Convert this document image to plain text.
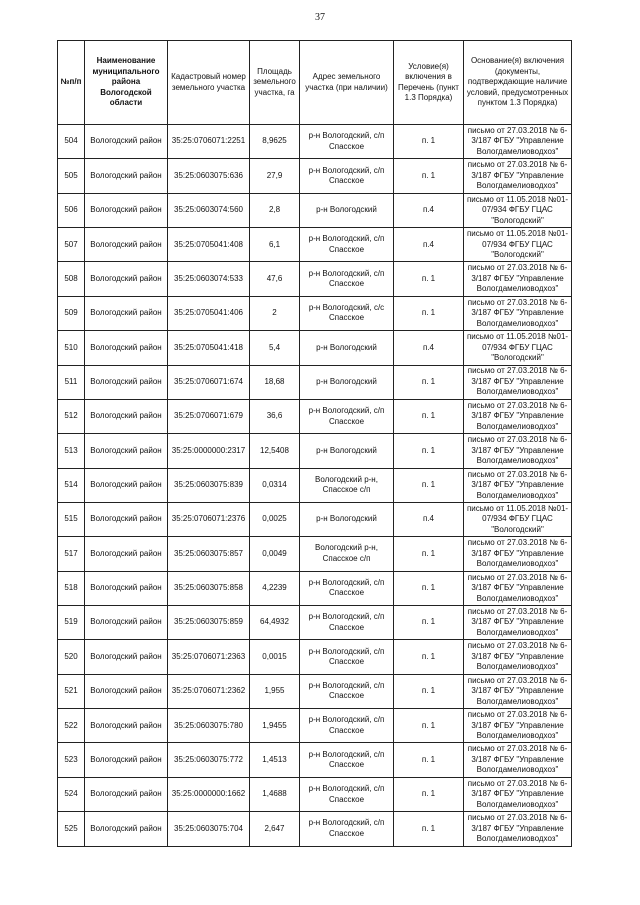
37
№п/п	Наименование муниципального района Вологодской области	Кадастровый номер земельного участка	Площадь земельного участка, га	Адрес земельного участка (при наличии)	Условие(я) включения в Перечень (пункт 1.3 Порядка)	Основание(я) включения (документы, подтверждающие наличие условий, предусмотренных пунктом 1.3 Порядка)
504	Вологодский район	35:25:0706071:2251	8,9625	р-н Вологодский, с/п Спасское	п. 1	письмо от 27.03.2018 № 6-3/187 ФГБУ "Управление Вологдамелиоводхоз"
505	Вологодский район	35:25:0603075:636	27,9	р-н Вологодский, с/п Спасское	п. 1	письмо от 27.03.2018 № 6-3/187 ФГБУ "Управление Вологдамелиоводхоз"
506	Вологодский район	35:25:0603074:560	2,8	р-н Вологодский	п.4	письмо от 11.05.2018 №01-07/934 ФГБУ ГЦАС "Вологодский"
507	Вологодский район	35:25:0705041:408	6,1	р-н Вологодский, с/п Спасское	п.4	письмо от 11.05.2018 №01-07/934 ФГБУ ГЦАС "Вологодский"
508	Вологодский район	35:25:0603074:533	47,6	р-н Вологодский, с/п Спасское	п. 1	письмо от 27.03.2018 № 6-3/187 ФГБУ "Управление Вологдамелиоводхоз"
509	Вологодский район	35:25:0705041:406	2	р-н Вологодский, с/с Спасское	п. 1	письмо от 27.03.2018 № 6-3/187 ФГБУ "Управление Вологдамелиоводхоз"
510	Вологодский район	35:25:0705041:418	5,4	р-н Вологодский	п.4	письмо от 11.05.2018 №01-07/934 ФГБУ ГЦАС "Вологодский"
511	Вологодский район	35:25:0706071:674	18,68	р-н Вологодский	п. 1	письмо от 27.03.2018 № 6-3/187 ФГБУ "Управление Вологдамелиоводхоз"
512	Вологодский район	35:25:0706071:679	36,6	р-н Вологодский, с/п Спасское	п. 1	письмо от 27.03.2018 № 6-3/187 ФГБУ "Управление Вологдамелиоводхоз"
513	Вологодский район	35:25:0000000:2317	12,5408	р-н Вологодский	п. 1	письмо от 27.03.2018 № 6-3/187 ФГБУ "Управление Вологдамелиоводхоз"
514	Вологодский район	35:25:0603075:839	0,0314	Вологодский р-н, Спасское с/п	п. 1	письмо от 27.03.2018 № 6-3/187 ФГБУ "Управление Вологдамелиоводхоз"
515	Вологодский район	35:25:0706071:2376	0,0025	р-н Вологодский	п.4	письмо от 11.05.2018 №01-07/934 ФГБУ ГЦАС "Вологодский"
517	Вологодский район	35:25:0603075:857	0,0049	Вологодский р-н, Спасское с/п	п. 1	письмо от 27.03.2018 № 6-3/187 ФГБУ "Управление Вологдамелиоводхоз"
518	Вологодский район	35:25:0603075:858	4,2239	р-н Вологодский, с/п Спасское	п. 1	письмо от 27.03.2018 № 6-3/187 ФГБУ "Управление Вологдамелиоводхоз"
519	Вологодский район	35:25:0603075:859	64,4932	р-н Вологодский, с/п Спасское	п. 1	письмо от 27.03.2018 № 6-3/187 ФГБУ "Управление Вологдамелиоводхоз"
520	Вологодский район	35:25:0706071:2363	0,0015	р-н Вологодский, с/п Спасское	п. 1	письмо от 27.03.2018 № 6-3/187 ФГБУ "Управление Вологдамелиоводхоз"
521	Вологодский район	35:25:0706071:2362	1,955	р-н Вологодский, с/п Спасское	п. 1	письмо от 27.03.2018 № 6-3/187 ФГБУ "Управление Вологдамелиоводхоз"
522	Вологодский район	35:25:0603075:780	1,9455	р-н Вологодский, с/п Спасское	п. 1	письмо от 27.03.2018 № 6-3/187 ФГБУ "Управление Вологдамелиоводхоз"
523	Вологодский район	35:25:0603075:772	1,4513	р-н Вологодский, с/п Спасское	п. 1	письмо от 27.03.2018 № 6-3/187 ФГБУ "Управление Вологдамелиоводхоз"
524	Вологодский район	35:25:0000000:1662	1,4688	р-н Вологодский, с/п Спасское	п. 1	письмо от 27.03.2018 № 6-3/187 ФГБУ "Управление Вологдамелиоводхоз"
525	Вологодский район	35:25:0603075:704	2,647	р-н Вологодский, с/п Спасское	п. 1	письмо от 27.03.2018 № 6-3/187 ФГБУ "Управление Вологдамелиоводхоз"
